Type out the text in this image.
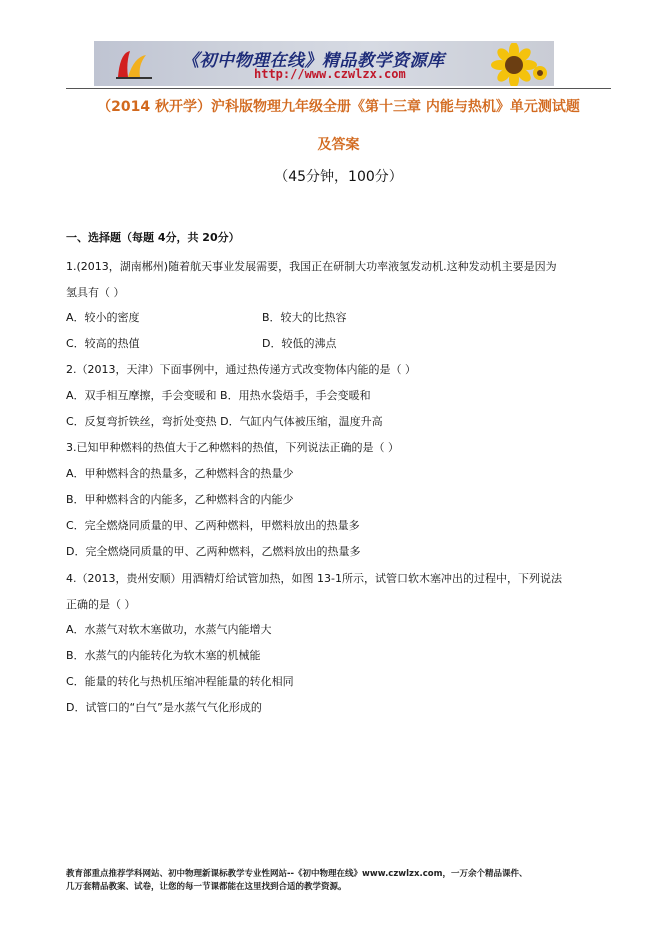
《初中物理在线》精品教学资源库
http://www.czwlzx.com
（2014 秋开学）沪科版物理九年级全册《第十三章 内能与热机》单元测试题
及答案
（45分钟，100分）
一、选择题（每题 4分，共 20分）
1.(2013，湖南郴州)随着航天事业发展需要，我国正在研制大功率液氢发动机.这种发动机主要是因为
氢具有（ ）
A．较小的密度	B．较大的比热容
C．较高的热值	D．较低的沸点
2.（2013，天津）下面事例中，通过热传递方式改变物体内能的是（ ）
A．双手相互摩擦，手会变暖和 B．用热水袋焐手，手会变暖和
C．反复弯折铁丝，弯折处变热 D．气缸内气体被压缩，温度升高
3.已知甲种燃料的热值大于乙种燃料的热值，下列说法正确的是（ ）
A．甲种燃料含的热量多，乙种燃料含的热量少
B．甲种燃料含的内能多，乙种燃料含的内能少
C．完全燃烧同质量的甲、乙两种燃料，甲燃料放出的热量多
D．完全燃烧同质量的甲、乙两种燃料，乙燃料放出的热量多
4.（2013，贵州安顺）用酒精灯给试管加热，如图 13-1所示，试管口软木塞冲出的过程中，下列说法
正确的是（ ）
A．水蒸气对软木塞做功，水蒸气内能增大
B．水蒸气的内能转化为软木塞的机械能
C．能量的转化与热机压缩冲程能量的转化相同
D．试管口的“白气”是水蒸气气化形成的
教育部重点推荐学科网站、初中物理新课标教学专业性网站--《初中物理在线》www.czwlzx.com，一万余个精品课件、
几万套精品教案、试卷，让您的每一节课都能在这里找到合适的教学资源。
